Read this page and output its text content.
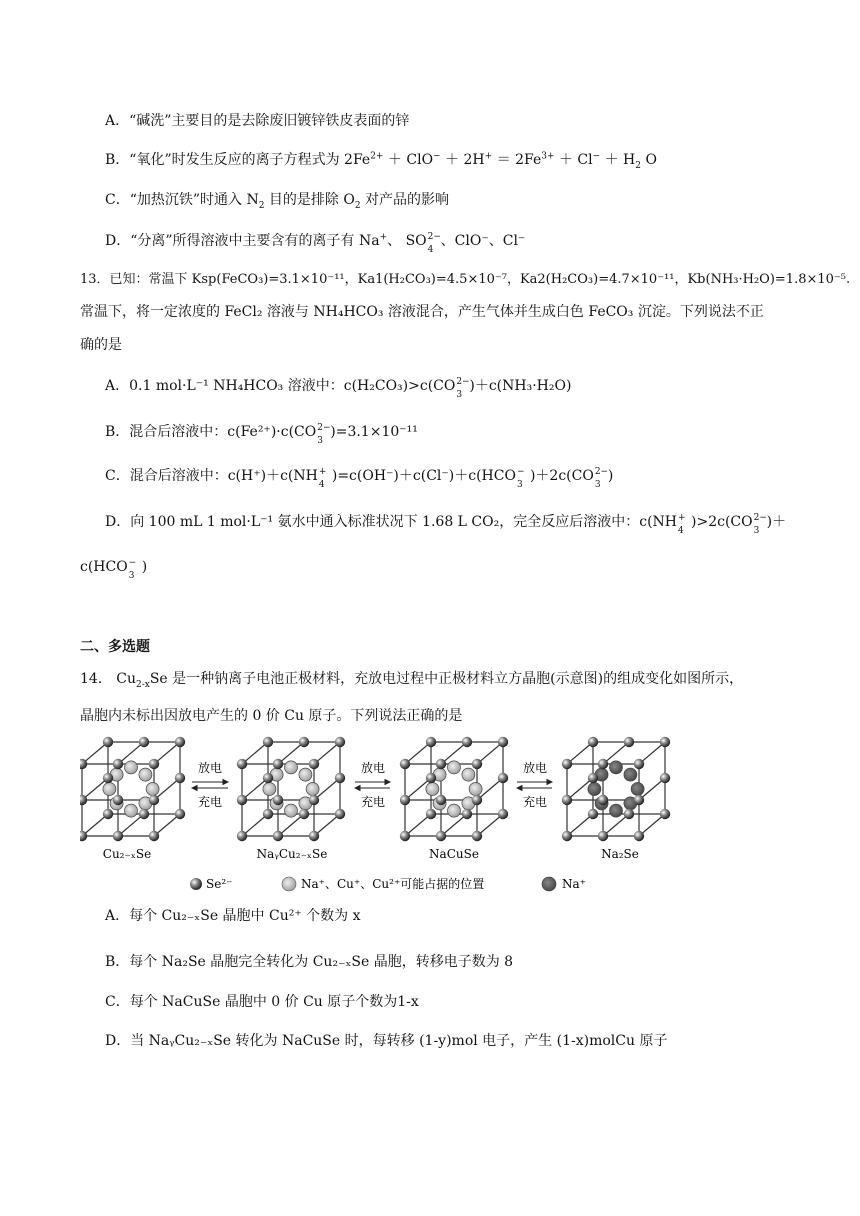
A．“碱洗”主要目的是去除废旧镀锌铁皮表面的锌
B．“氧化”时发生反应的离子方程式为 $2Fe^{2+} + ClO^- + 2H^+ = 2Fe^{3+} + Cl^- + H_2$ O
C．“加热沉铁”时通入 $N_2$ 目的是排除 $O_2$ 对产品的影响
D．“分离”所得溶液中主要含有的离子有 Na+、 SO 2−
4
、ClO⁻、Cl⁻
13．已知：常温下 Ksp(FeCO₃)=3.1×10⁻¹¹，Ka1(H₂CO₃)=4.5×10⁻⁷，Ka2(H₂CO₃)=4.7×10⁻¹¹，Kb(NH₃·H₂O)=1.8×10⁻⁵.
常温下，将一定浓度的 FeCl₂ 溶液与 NH₄HCO₃ 溶液混合，产生气体并生成白色 FeCO₃ 沉淀。下列说法不正
确的是
A．0.1 mol·L⁻¹ NH₄HCO₃ 溶液中：c(H₂CO₃)>c(CO 2−
3
)＋c(NH₃·H₂O)
B．混合后溶液中：c(Fe²⁺)·c(CO 2−
3
)=3.1×10⁻¹¹
C．混合后溶液中：c(H⁺)＋c(NH +
4
)=c(OH⁻)＋c(Cl⁻)＋c(HCO −
3
)＋2c(CO 2−
3
)
D．向 100 mL 1 mol·L⁻¹ 氨水中通入标准状况下 1.68 L CO₂，完全反应后溶液中：c(NH +
4
)>2c(CO 2−
3
)＋
c(HCO −
3
)
二、多选题
14． $Cu_{2-x}Se$ 是一种钠离子电池正极材料，充放电过程中正极材料立方晶胞(示意图)的组成变化如图所示，
晶胞内未标出因放电产生的 0 价 Cu 原子。下列说法正确的是
放电
充电
放电
充电
放电
充电
Cu₂₋ₓSe	NaᵧCu₂₋ₓSe	NaCuSe	Na₂Se
Se²⁻	Na⁺、Cu⁺、Cu²⁺可能占据的位置	Na⁺
A．每个 Cu₂₋ₓSe 晶胞中 Cu²⁺ 个数为 x
B．每个 Na₂Se 晶胞完全转化为 Cu₂₋ₓSe 晶胞，转移电子数为 8
C．每个 NaCuSe 晶胞中 0 价 Cu 原子个数为1-x
D．当 NaᵧCu₂₋ₓSe 转化为 NaCuSe 时，每转移 (1-y)mol 电子，产生 (1-x)molCu 原子
